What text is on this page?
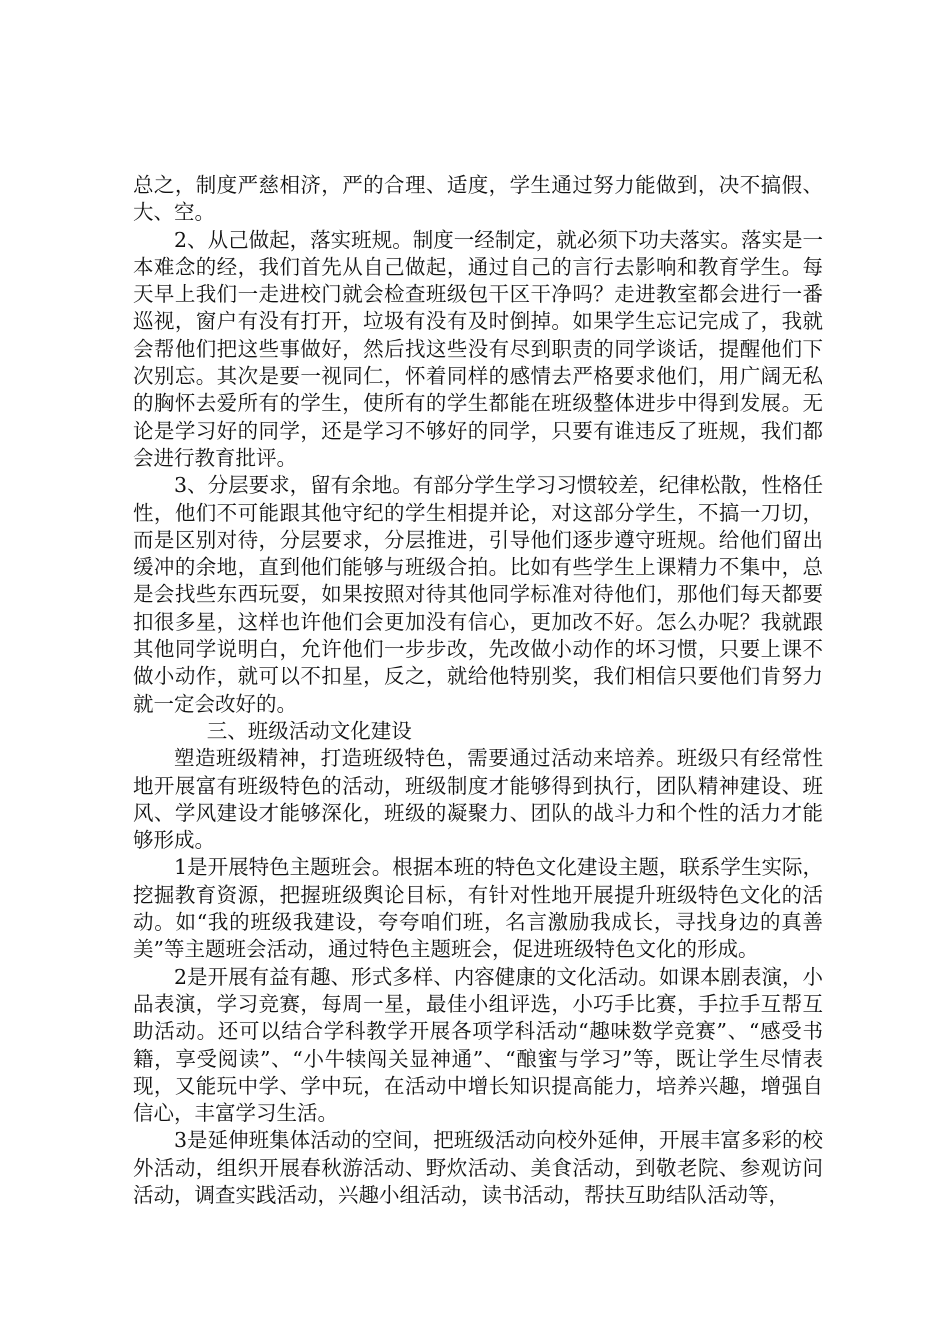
总之，制度严慈相济，严的合理、适度，学生通过努力能做到，决不搞假、大、空。

2、从己做起，落实班规。制度一经制定，就必须下功夫落实。落实是一本难念的经，我们首先从自己做起，通过自己的言行去影响和教育学生。每天早上我们一走进校门就会检查班级包干区干净吗？走进教室都会进行一番巡视，窗户有没有打开，垃圾有没有及时倒掉。如果学生忘记完成了，我就会帮他们把这些事做好，然后找这些没有尽到职责的同学谈话，提醒他们下次别忘。其次是要一视同仁，怀着同样的感情去严格要求他们，用广阔无私的胸怀去爱所有的学生，使所有的学生都能在班级整体进步中得到发展。无论是学习好的同学，还是学习不够好的同学，只要有谁违反了班规，我们都会进行教育批评。

3、分层要求，留有余地。有部分学生学习习惯较差，纪律松散，性格任性，他们不可能跟其他守纪的学生相提并论，对这部分学生，不搞一刀切，而是区别对待，分层要求，分层推进，引导他们逐步遵守班规。给他们留出缓冲的余地，直到他们能够与班级合拍。比如有些学生上课精力不集中，总是会找些东西玩耍，如果按照对待其他同学标准对待他们，那他们每天都要扣很多星，这样也许他们会更加没有信心，更加改不好。怎么办呢？我就跟其他同学说明白，允许他们一步步改，先改做小动作的坏习惯，只要上课不做小动作，就可以不扣星，反之，就给他特别奖，我们相信只要他们肯努力就一定会改好的。

三、班级活动文化建设

塑造班级精神，打造班级特色，需要通过活动来培养。班级只有经常性地开展富有班级特色的活动，班级制度才能够得到执行，团队精神建设、班风、学风建设才能够深化，班级的凝聚力、团队的战斗力和个性的活力才能够形成。

1是开展特色主题班会。根据本班的特色文化建设主题，联系学生实际，挖掘教育资源，把握班级舆论目标，有针对性地开展提升班级特色文化的活动。如“我的班级我建设，夸夸咱们班，名言激励我成长，寻找身边的真善美”等主题班会活动，通过特色主题班会，促进班级特色文化的形成。

2是开展有益有趣、形式多样、内容健康的文化活动。如课本剧表演，小品表演，学习竞赛，每周一星，最佳小组评选，小巧手比赛，手拉手互帮互助活动。还可以结合学科教学开展各项学科活动“趣味数学竞赛”、“感受书籍，享受阅读”、“小牛犊闯关显神通”、“酿蜜与学习”等，既让学生尽情表现，又能玩中学、学中玩，在活动中增长知识提高能力，培养兴趣，增强自信心，丰富学习生活。

3是延伸班集体活动的空间，把班级活动向校外延伸，开展丰富多彩的校外活动，组织开展春秋游活动、野炊活动、美食活动，到敬老院、参观访问活动，调查实践活动，兴趣小组活动，读书活动，帮扶互助结队活动等，
